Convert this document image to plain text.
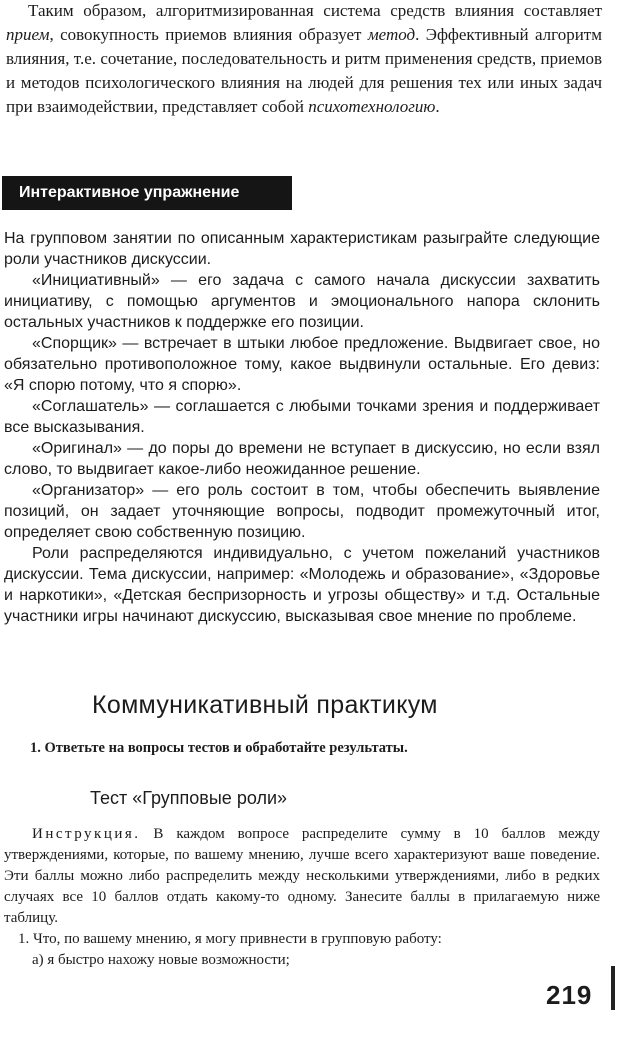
Таким образом, алгоритмизированная система средств влияния составляет прием, совокупность приемов влияния образует метод. Эффективный алгоритм влияния, т.е. сочетание, последовательность и ритм применения средств, приемов и методов психологического влияния на людей для решения тех или иных задач при взаимодействии, представляет собой психотехнологию.

Интерактивное упражнение

На групповом занятии по описанным характеристикам разыграйте следующие роли участников дискуссии.

«Инициативный» — его задача с самого начала дискуссии захватить инициативу, с помощью аргументов и эмоционального напора склонить остальных участников к поддержке его позиции.

«Спорщик» — встречает в штыки любое предложение. Выдвигает свое, но обязательно противоположное тому, какое выдвинули остальные. Его девиз: «Я спорю потому, что я спорю».

«Соглашатель» — соглашается с любыми точками зрения и поддерживает все высказывания.

«Оригинал» — до поры до времени не вступает в дискуссию, но если взял слово, то выдвигает какое-либо неожиданное решение.

«Организатор» — его роль состоит в том, чтобы обеспечить выявление позиций, он задает уточняющие вопросы, подводит промежуточный итог, определяет свою собственную позицию.

Роли распределяются индивидуально, с учетом пожеланий участников дискуссии. Тема дискуссии, например: «Молодежь и образование», «Здоровье и наркотики», «Детская беспризорность и угрозы обществу» и т.д. Остальные участники игры начинают дискуссию, высказывая свое мнение по проблеме.

Коммуникативный практикум
1. Ответьте на вопросы тестов и обработайте результаты.
Тест «Групповые роли»

Инструкция. В каждом вопросе распределите сумму в 10 баллов между утверждениями, которые, по вашему мнению, лучше всего характеризуют ваше поведение. Эти баллы можно либо распределить между несколькими утверждениями, либо в редких случаях все 10 баллов отдать какому-то одному. Занесите баллы в прилагаемую ниже таблицу.

1. Что, по вашему мнению, я могу привнести в групповую работу:

а) я быстро нахожу новые возможности;

219
